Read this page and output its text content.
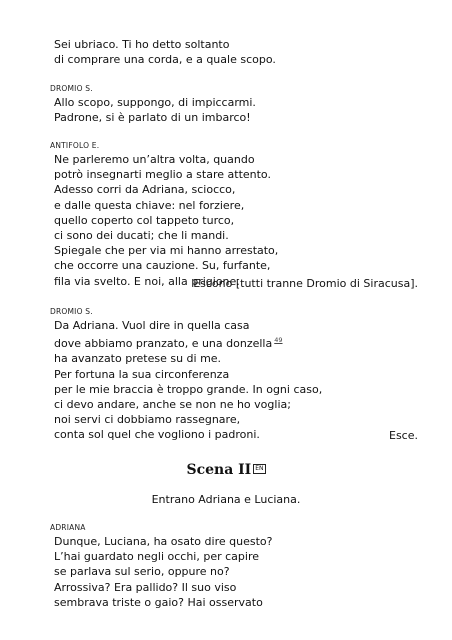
Sei ubriaco. Ti ho detto soltanto
di comprare una corda, e a quale scopo.
DROMIO S.
Allo scopo, suppongo, di impiccarmi.
Padrone, si è parlato di un imbarco!
ANTIFOLO E.
Ne parleremo un’altra volta, quando
potrò insegnarti meglio a stare attento.
Adesso corri da Adriana, sciocco,
e dalle questa chiave: nel forziere,
quello coperto col tappeto turco,
ci sono dei ducati; che li mandi.
Spiegale che per via mi hanno arrestato,
che occorre una cauzione. Su, furfante,
fila via svelto. E noi, alla prigione.
Escono [tutti tranne Dromio di Siracusa].
DROMIO S.
Da Adriana. Vuol dire in quella casa
dove abbiamo pranzato, e una donzella $^{49}$
ha avanzato pretese su di me.
Per fortuna la sua circonferenza
per le mie braccia è troppo grande. In ogni caso,
ci devo andare, anche se non ne ho voglia;
noi servi ci dobbiamo rassegnare,
conta sol quel che vogliono i padroni.	Esce.
Scena II EN
Entrano Adriana e Luciana.
ADRIANA
Dunque, Luciana, ha osato dire questo?
L’hai guardato negli occhi, per capire
se parlava sul serio, oppure no?
Arrossiva? Era pallido? Il suo viso
sembrava triste o gaio? Hai osservato
